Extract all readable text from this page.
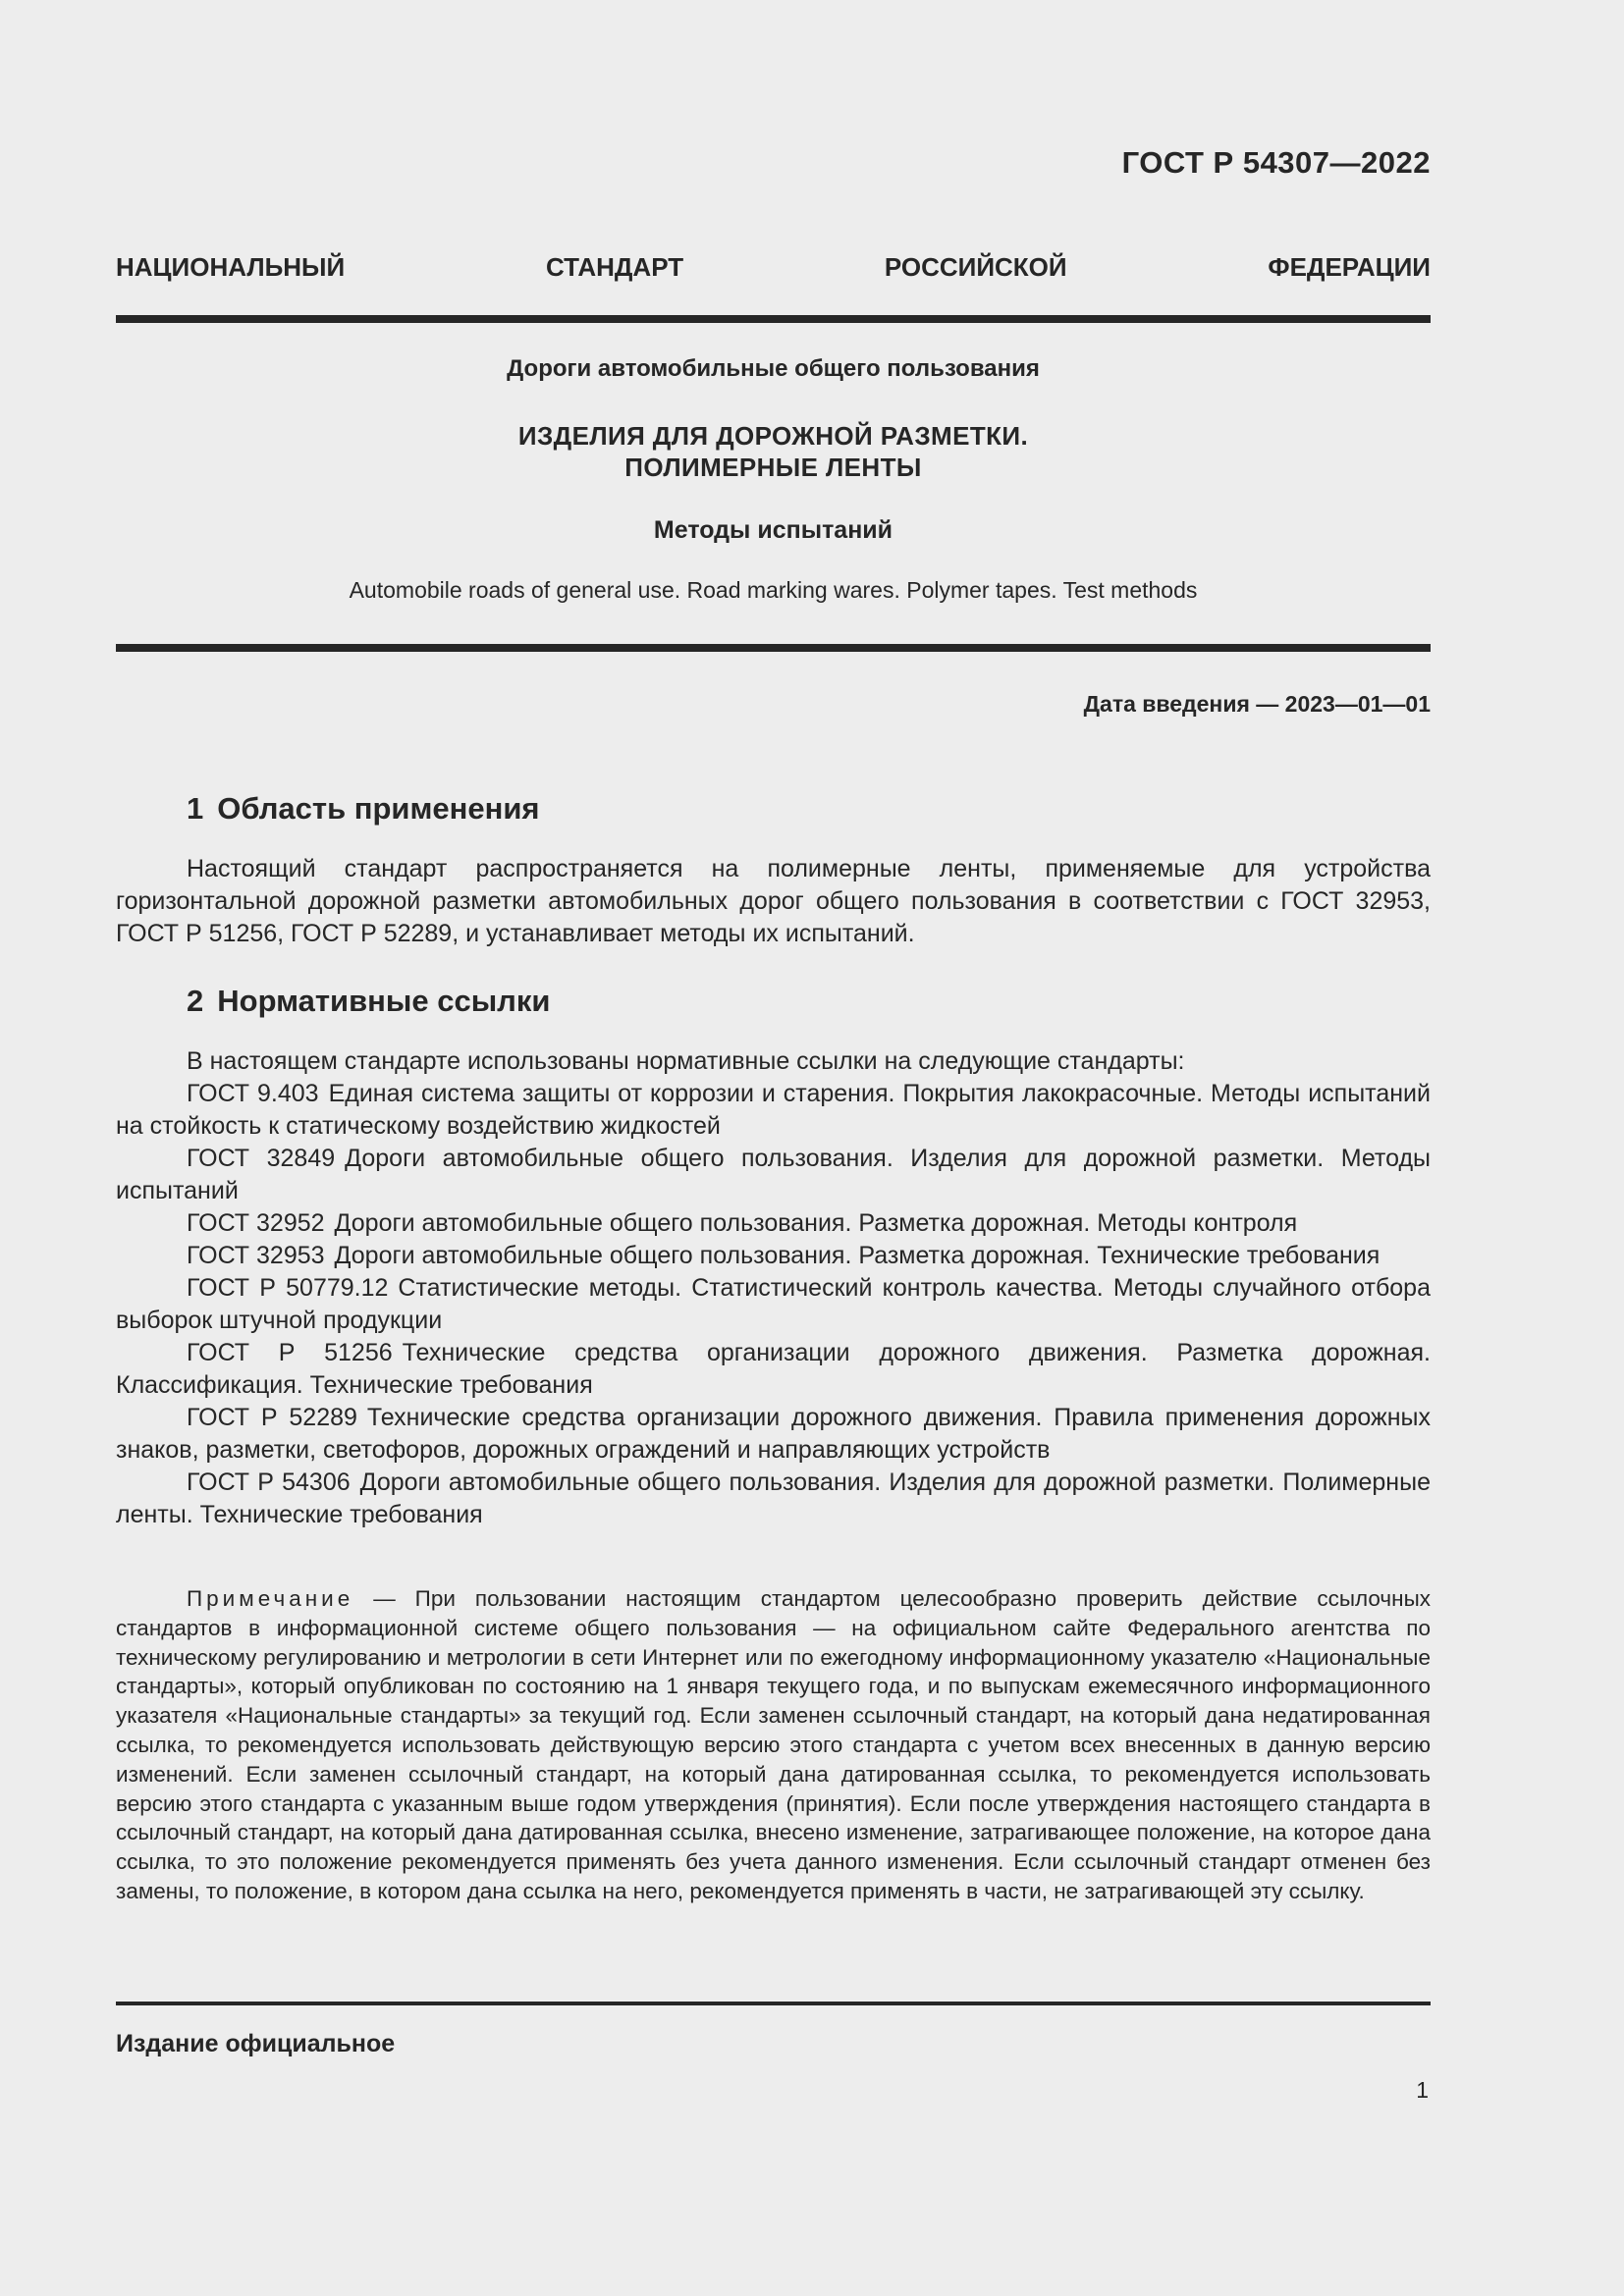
ГОСТ Р 54307—2022

НАЦИОНАЛЬНЫЙ СТАНДАРТ РОССИЙСКОЙ ФЕДЕРАЦИИ

Дороги автомобильные общего пользования

ИЗДЕЛИЯ ДЛЯ ДОРОЖНОЙ РАЗМЕТКИ.
ПОЛИМЕРНЫЕ ЛЕНТЫ

Методы испытаний

Automobile roads of general use. Road marking wares. Polymer tapes. Test methods

Дата введения — 2023—01—01

1 Область применения

Настоящий стандарт распространяется на полимерные ленты, применяемые для устройства горизонтальной дорожной разметки автомобильных дорог общего пользования в соответствии с ГОСТ 32953, ГОСТ Р 51256, ГОСТ Р 52289, и устанавливает методы их испытаний.

2 Нормативные ссылки

В настоящем стандарте использованы нормативные ссылки на следующие стандарты:

ГОСТ 9.403 Единая система защиты от коррозии и старения. Покрытия лакокрасочные. Методы испытаний на стойкость к статическому воздействию жидкостей

ГОСТ 32849 Дороги автомобильные общего пользования. Изделия для дорожной разметки. Методы испытаний

ГОСТ 32952 Дороги автомобильные общего пользования. Разметка дорожная. Методы контроля

ГОСТ 32953 Дороги автомобильные общего пользования. Разметка дорожная. Технические требования

ГОСТ Р 50779.12 Статистические методы. Статистический контроль качества. Методы случайного отбора выборок штучной продукции

ГОСТ Р 51256 Технические средства организации дорожного движения. Разметка дорожная. Классификация. Технические требования

ГОСТ Р 52289 Технические средства организации дорожного движения. Правила применения дорожных знаков, разметки, светофоров, дорожных ограждений и направляющих устройств

ГОСТ Р 54306 Дороги автомобильные общего пользования. Изделия для дорожной разметки. Полимерные ленты. Технические требования

Примечание — При пользовании настоящим стандартом целесообразно проверить действие ссылочных стандартов в информационной системе общего пользования — на официальном сайте Федерального агентства по техническому регулированию и метрологии в сети Интернет или по ежегодному информационному указателю «Национальные стандарты», который опубликован по состоянию на 1 января текущего года, и по выпускам ежемесячного информационного указателя «Национальные стандарты» за текущий год. Если заменен ссылочный стандарт, на который дана недатированная ссылка, то рекомендуется использовать действующую версию этого стандарта с учетом всех внесенных в данную версию изменений. Если заменен ссылочный стандарт, на который дана датированная ссылка, то рекомендуется использовать версию этого стандарта с указанным выше годом утверждения (принятия). Если после утверждения настоящего стандарта в ссылочный стандарт, на который дана датированная ссылка, внесено изменение, затрагивающее положение, на которое дана ссылка, то это положение рекомендуется применять без учета данного изменения. Если ссылочный стандарт отменен без замены, то положение, в котором дана ссылка на него, рекомендуется применять в части, не затрагивающей эту ссылку.

Издание официальное

1
